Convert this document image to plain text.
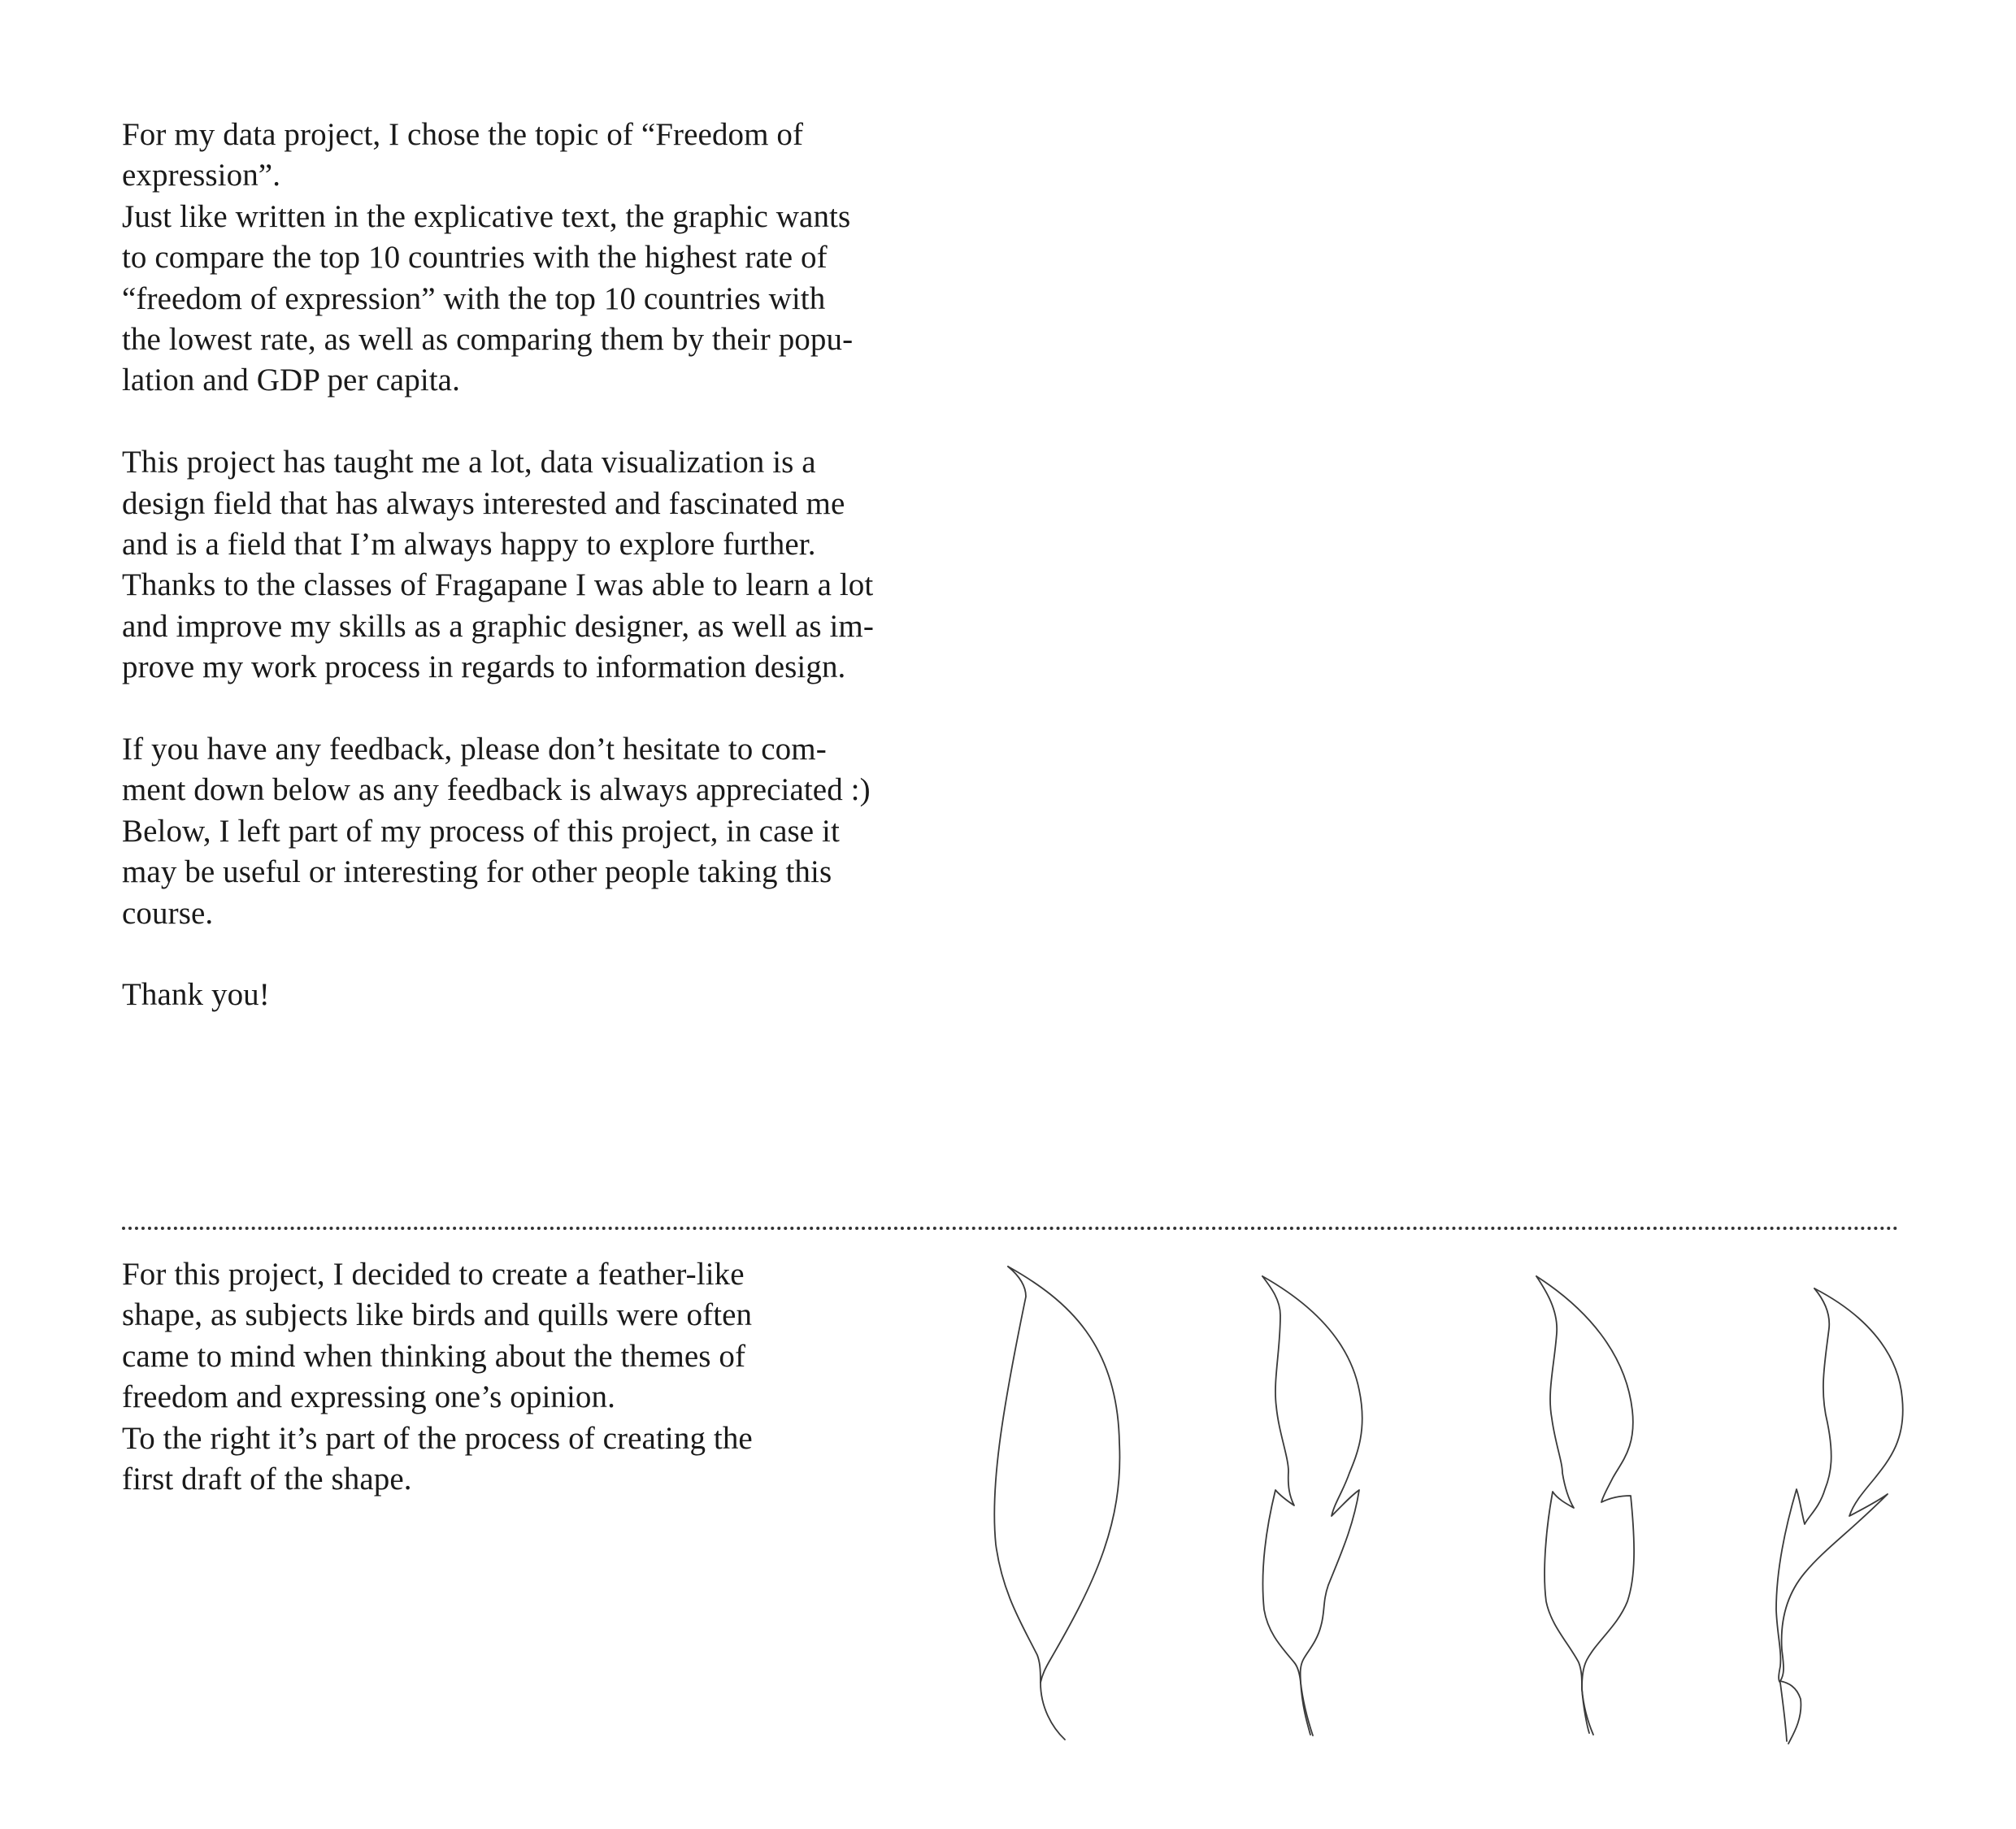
For my data project, I chose the topic of “Freedom of
expression”.
Just like written in the explicative text, the graphic wants
to compare the top 10 countries with the highest rate of
“freedom of expression” with the top 10 countries with
the lowest rate, as well as comparing them by their popu-
lation and GDP per capita.
This project has taught me a lot, data visualization is a
design field that has always interested and fascinated me
and is a field that I’m always happy to explore further.
Thanks to the classes of Fragapane I was able to learn a lot
and improve my skills as a graphic designer, as well as im-
prove my work process in regards to information design.
If you have any feedback, please don’t hesitate to com-
ment down below as any feedback is always appreciated :)
Below, I left part of my process of this project, in case it
may be useful or interesting for other people taking this
course.
Thank you!
For this project, I decided to create a feather-like
shape, as subjects like birds and quills were often
came to mind when thinking about the themes of
freedom and expressing one’s opinion.
To the right it’s part of the process of creating the
first draft of the shape.
